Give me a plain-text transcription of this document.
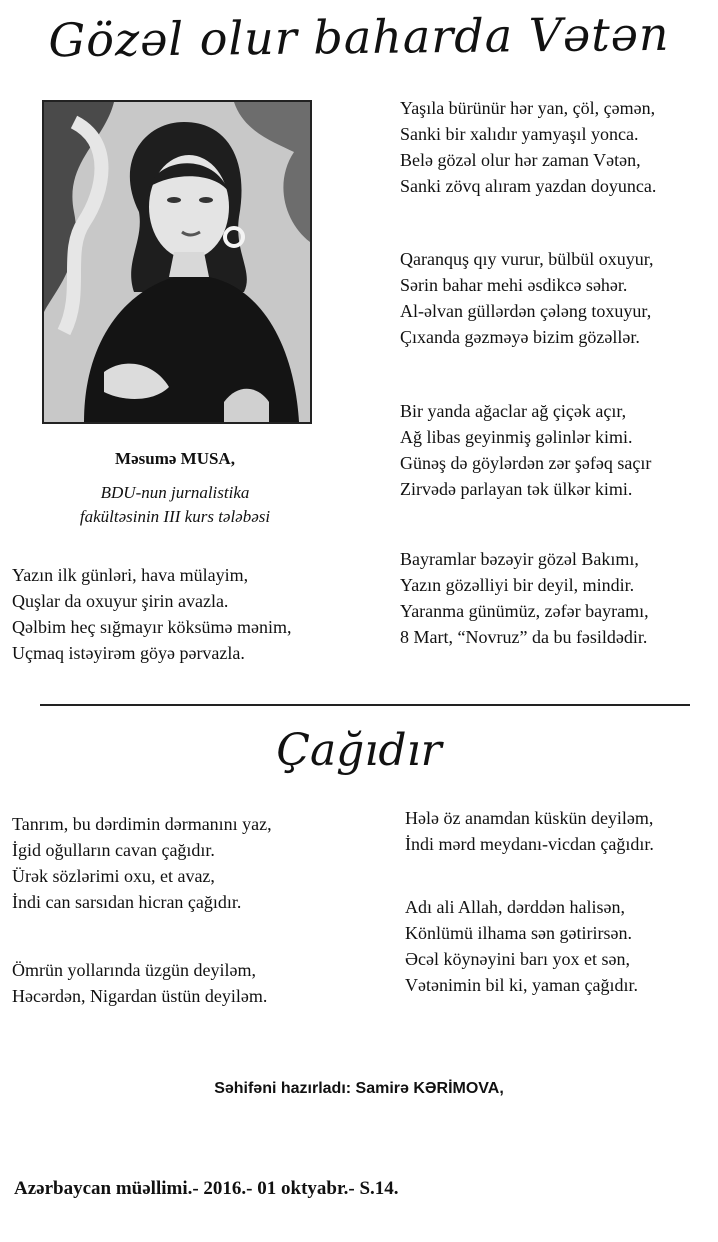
Gözəl olur baharda Vətən
Məsumə MUSA,
BDU-nun jurnalistika
fakültəsinin III kurs tələbəsi
Yazın ilk günləri, hava mülayim,
Quşlar da oxuyur şirin avazla.
Qəlbim heç sığmayır köksümə mənim,
Uçmaq istəyirəm göyə pərvazla.
Yaşıla bürünür hər yan, çöl, çəmən,
Sanki bir xalıdır yamyaşıl yonca.
Belə gözəl olur hər zaman Vətən,
Sanki zövq alıram yazdan doyunca.
Qaranquş qıy vurur, bülbül oxuyur,
Sərin bahar mehi əsdikcə səhər.
Al-əlvan güllərdən çələng toxuyur,
Çıxanda gəzməyə bizim gözəllər.
Bir yanda ağaclar ağ çiçək açır,
Ağ libas geyinmiş gəlinlər kimi.
Günəş də göylərdən zər şəfəq saçır
Zirvədə parlayan tək ülkər kimi.
Bayramlar bəzəyir gözəl Bakımı,
Yazın gözəlliyi bir deyil, mindir.
Yaranma günümüz, zəfər bayramı,
8 Mart, “Novruz” da bu fəsildədir.
Çağıdır
Tanrım, bu dərdimin dərmanını yaz,
İgid oğulların cavan çağıdır.
Ürək sözlərimi oxu, et avaz,
İndi can sarsıdan hicran çağıdır.
Ömrün yollarında üzgün deyiləm,
Həcərdən, Nigardan üstün deyiləm.
Hələ öz anamdan küskün deyiləm,
İndi mərd meydanı-vicdan çağıdır.
Adı ali Allah, dərddən halisən,
Könlümü ilhama sən gətirirsən.
Əcəl köynəyini barı yox et sən,
Vətənimin bil ki, yaman çağıdır.
Səhifəni hazırladı: Samirə KƏRİMOVA,
Azərbaycan müəllimi.- 2016.- 01 oktyabr.- S.14.
